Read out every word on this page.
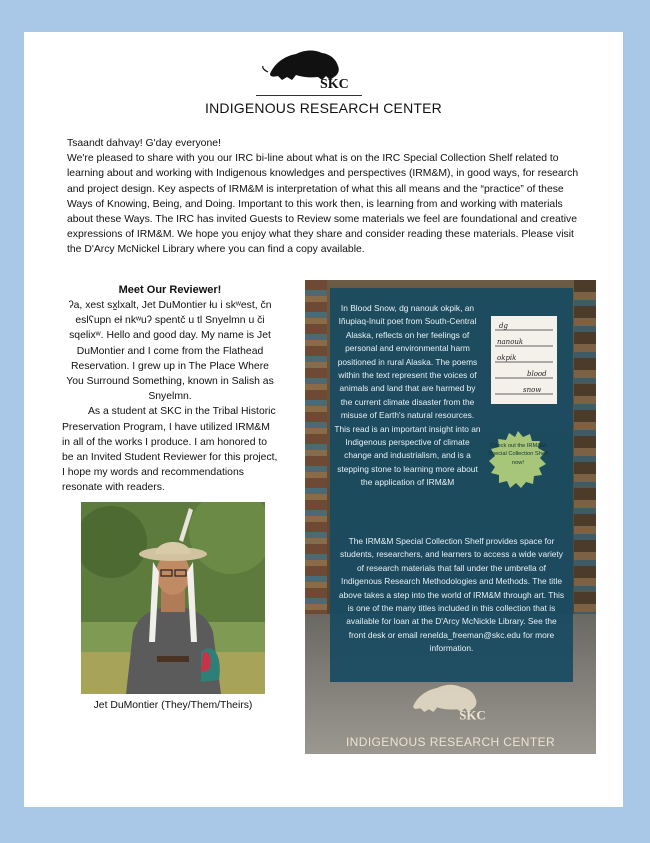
SKC
INDIGENOUS RESEARCH CENTER

Tsaandt dahvay! G'day everyone!

We're pleased to share with you our IRC bi-line about what is on the IRC Special Collection Shelf related to learning about and working with Indigenous knowledges and perspectives (IRM&M), in good ways, for research and project design. Key aspects of IRM&M is interpretation of what this all means and the “practice” of these Ways of Knowing, Being, and Doing. Important to this work then, is learning from and working with materials about these Ways. The IRC has invited Guests to Review some materials we feel are foundational and creative expressions of IRM&M. We hope you enjoy what they share and consider reading these materials. Please visit the D'Arcy McNickel Library where you can find a copy available.

Meet Our Reviewer!

ʔa, xest sx̰lxalt, Jet DuMontier łu i skʷest, čn eslʕupn eł nkʷuʔ spentč u tl Snyelmn u či sqelixʷ. Hello and good day. My name is Jet DuMontier and I come from the Flathead Reservation. I grew up in The Place Where You Surround Something, known in Salish as Snyelmn.

As a student at SKC in the Tribal Historic Preservation Program, I have utilized IRM&M in all of the works I produce. I am honored to be an Invited Student Reviewer for this project, I hope my words and recommendations resonate with readers.

Jet DuMontier (They/Them/Theirs)
In Blood Snow, dg nanouk okpik, an Iñupiaq-Inuit poet from South-Central Alaska, reflects on her feelings of personal and environmental harm positioned in rural Alaska. The poems within the text represent the voices of animals and land that are harmed by the current climate disaster from the misuse of Earth's natural resources. This read is an important insight into an Indigenous perspective of climate change and industrialism, and is a stepping stone to learning more about the application of IRM&M
dg
nanouk
okpik
blood
snow
Check out the IRM&M Special Collection Shelf now!
The IRM&M Special Collection Shelf provides space for students, researchers, and learners to access a wide variety of research materials that fall under the umbrella of Indigenous Research Methodologies and Methods. The title above takes a step into the world of IRM&M through art. This is one of the many titles included in this collection that is available for loan at the D'Arcy McNickle Library. See the front desk or email renelda_freeman@skc.edu for more information.
SKC
INDIGENOUS RESEARCH CENTER
